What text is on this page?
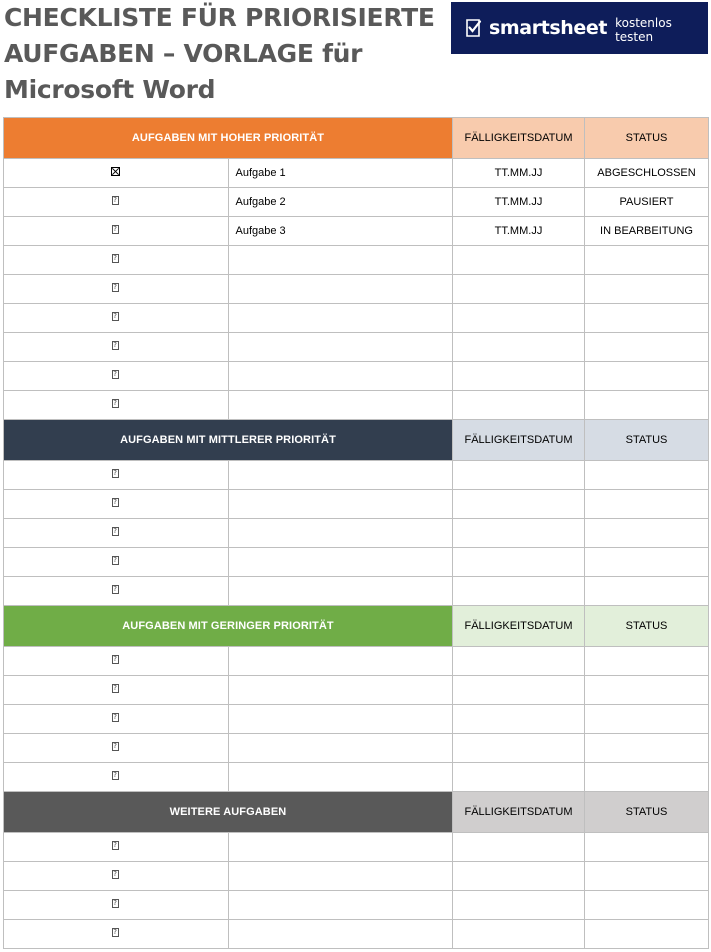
CHECKLISTE FÜR PRIORISIERTE
AUFGABEN – VORLAGE für
Microsoft Word
smartsheet kostenlos testen
AUFGABEN MIT HOHER PRIORITÄT		FÄLLIGKEITSDATUM	STATUS
	Aufgabe 1	TT.MM.JJ	ABGESCHLOSSEN
?	Aufgabe 2	TT.MM.JJ	PAUSIERT
?	Aufgabe 3	TT.MM.JJ	IN BEARBEITUNG
?			
?			
?			
?			
?			
?			
AUFGABEN MIT MITTLERER PRIORITÄT		FÄLLIGKEITSDATUM	STATUS
?			
?			
?			
?			
?			
AUFGABEN MIT GERINGER PRIORITÄT		FÄLLIGKEITSDATUM	STATUS
?			
?			
?			
?			
?			
WEITERE AUFGABEN		FÄLLIGKEITSDATUM	STATUS
?			
?			
?			
?			
